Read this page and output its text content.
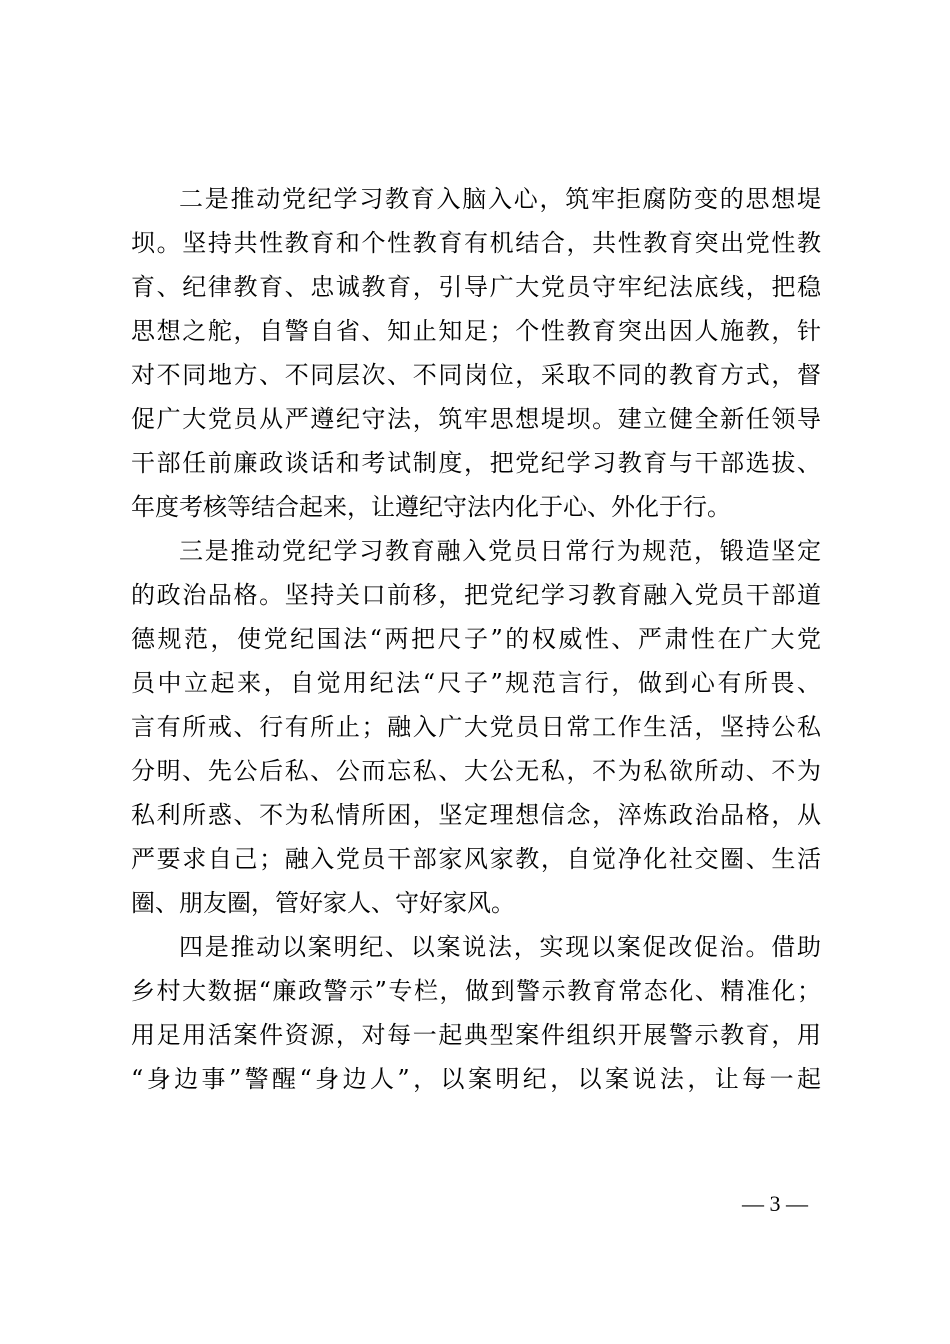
二是推动党纪学习教育入脑入心，筑牢拒腐防变的思想堤
坝。坚持共性教育和个性教育有机结合，共性教育突出党性教
育、纪律教育、忠诚教育，引导广大党员守牢纪法底线，把稳
思想之舵，自警自省、知止知足；个性教育突出因人施教，针
对不同地方、不同层次、不同岗位，采取不同的教育方式，督
促广大党员从严遵纪守法，筑牢思想堤坝。建立健全新任领导
干部任前廉政谈话和考试制度，把党纪学习教育与干部选拔、
年度考核等结合起来，让遵纪守法内化于心、外化于行。
三是推动党纪学习教育融入党员日常行为规范，锻造坚定
的政治品格。坚持关口前移，把党纪学习教育融入党员干部道
德规范，使党纪国法“两把尺子”的权威性、严肃性在广大党
员中立起来，自觉用纪法“尺子”规范言行，做到心有所畏、
言有所戒、行有所止；融入广大党员日常工作生活，坚持公私
分明、先公后私、公而忘私、大公无私，不为私欲所动、不为
私利所惑、不为私情所困，坚定理想信念，淬炼政治品格，从
严要求自己；融入党员干部家风家教，自觉净化社交圈、生活
圈、朋友圈，管好家人、守好家风。
四是推动以案明纪、以案说法，实现以案促改促治。借助
乡村大数据“廉政警示”专栏，做到警示教育常态化、精准化；
用足用活案件资源，对每一起典型案件组织开展警示教育，用
“身边事”警醒“身边人”，以案明纪，以案说法，让每一起
— 3 —
